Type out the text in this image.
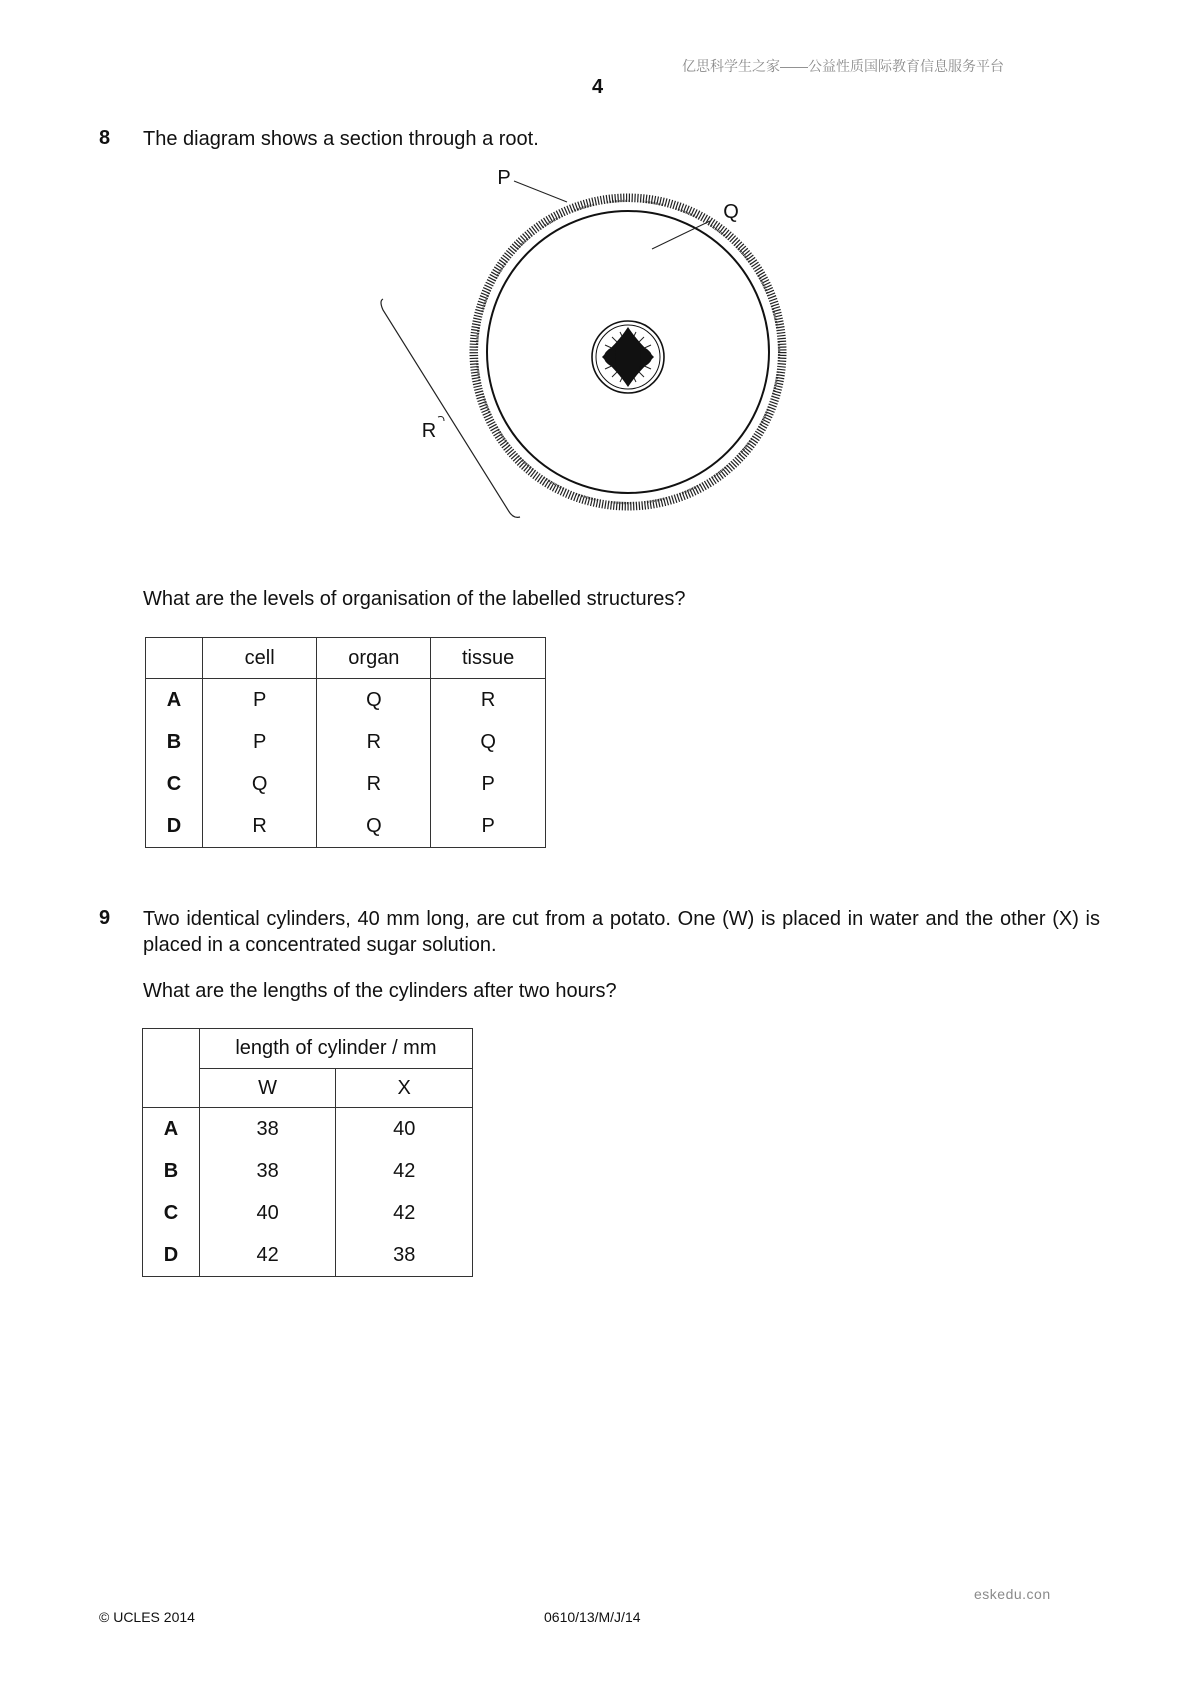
亿思科学生之家——公益性质国际教育信息服务平台
4
8 The diagram shows a section through a root.
P
Q
R
What are the levels of organisation of the labelled structures?
	cell	organ	tissue
A	P	Q	R
B	P	R	Q
C	Q	R	P
D	R	Q	P
9 Two identical cylinders, 40 mm long, are cut from a potato. One (W) is placed in water and the other (X) is placed in a concentrated sugar solution.
What are the lengths of the cylinders after two hours?
	length of cylinder / mm	
	W	X
A	38	40
B	38	42
C	40	42
D	42	38
eskedu.con
© UCLES 2014	0610/13/M/J/14
